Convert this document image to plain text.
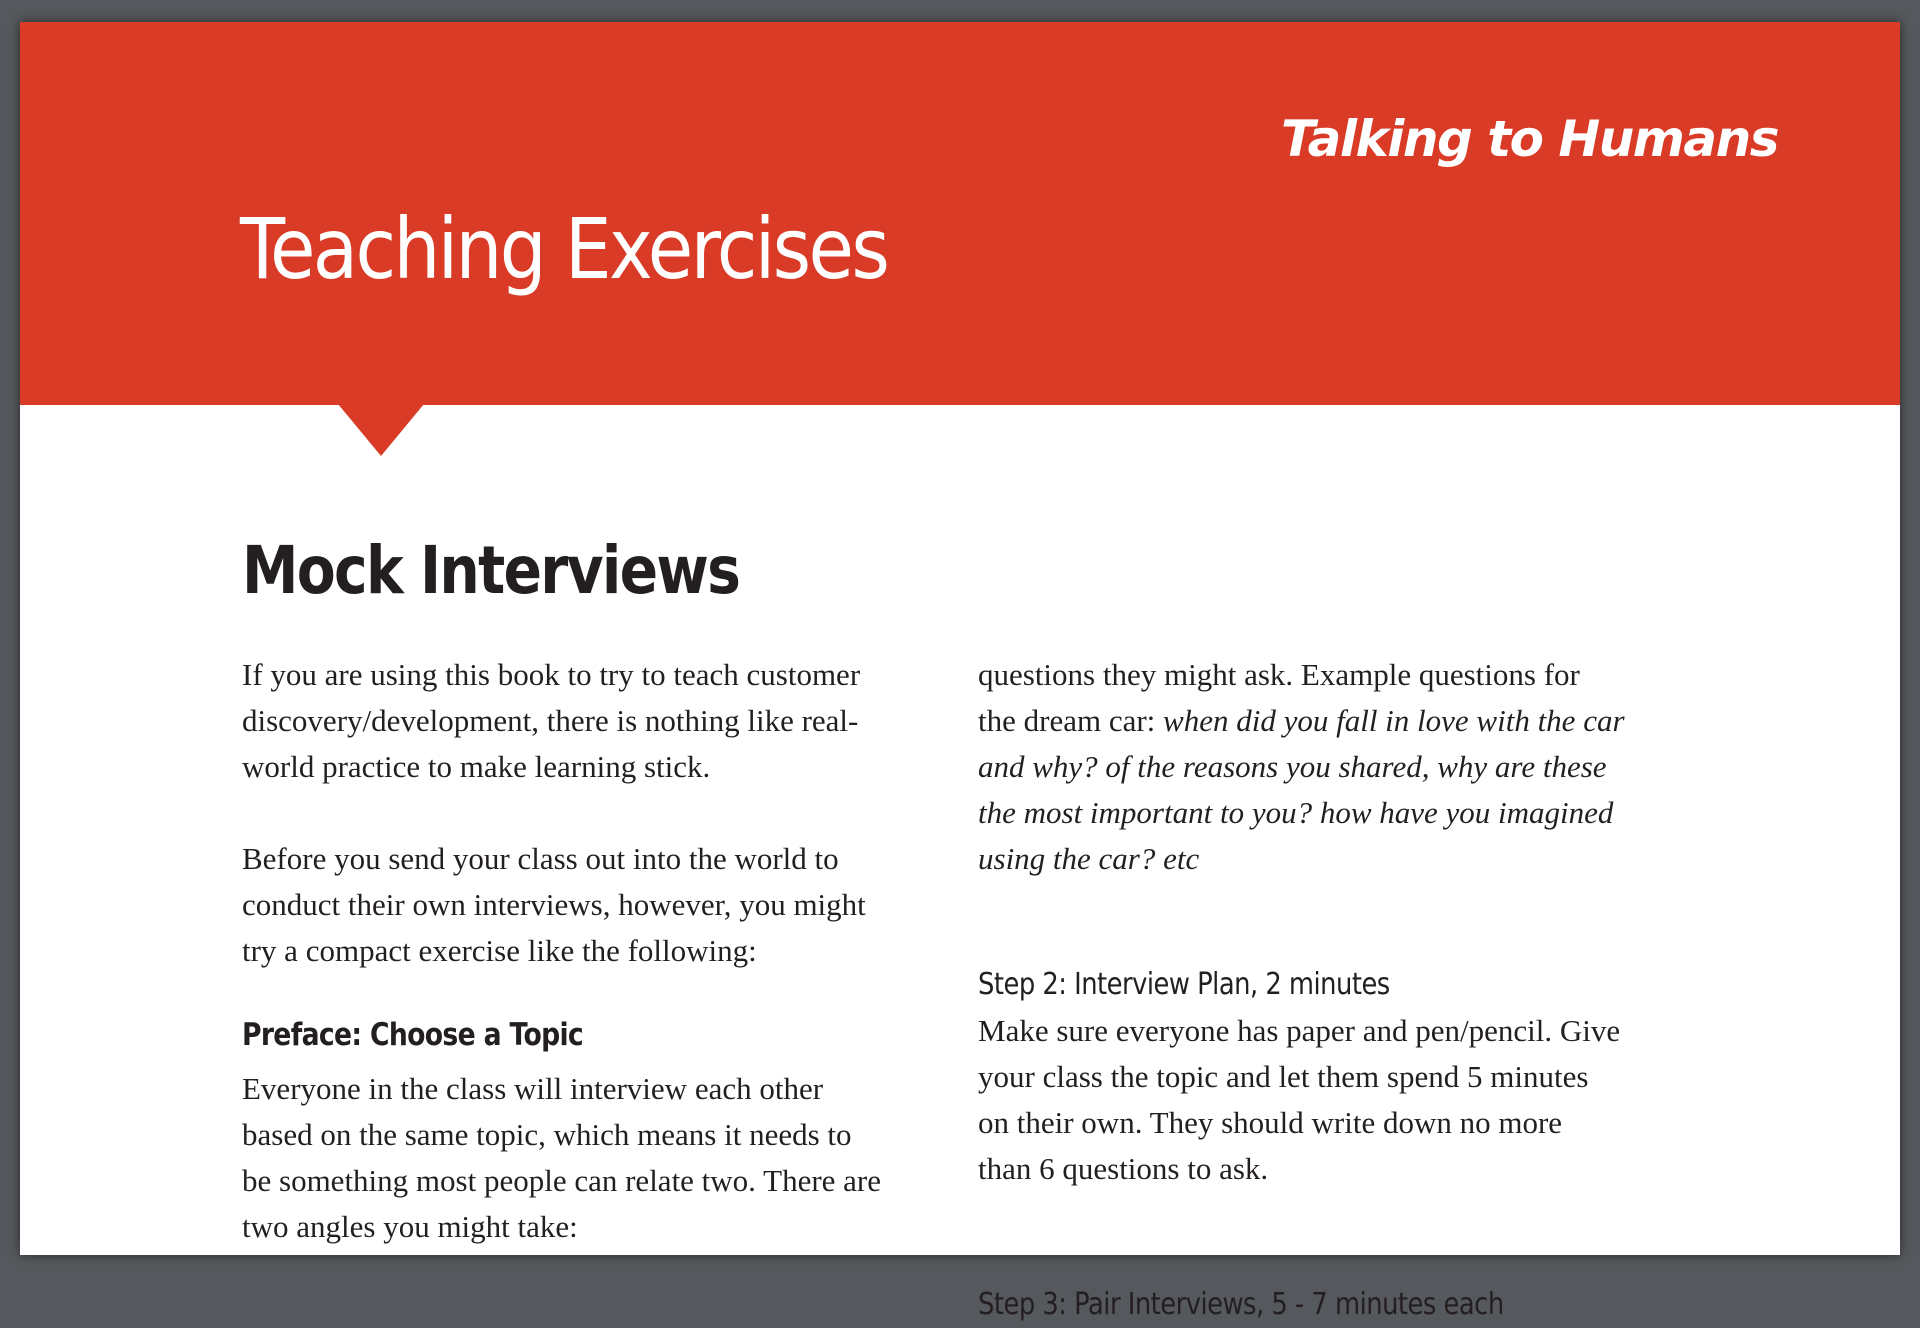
Talking to Humans
Teaching Exercises
Mock Interviews

If you are using this book to try to teach customer
discovery/development, there is nothing like real-
world practice to make learning stick.

Before you send your class out into the world to
conduct their own interviews, however, you might
try a compact exercise like the following:

Preface: Choose a Topic

Everyone in the class will interview each other
based on the same topic, which means it needs to
be something most people can relate two. There are
two angles you might take:

questions they might ask. Example questions for
the dream car: when did you fall in love with the car
and why? of the reasons you shared, why are these
the most important to you? how have you imagined
using the car? etc

Step 2: Interview Plan, 2 minutes

Make sure everyone has paper and pen/pencil. Give
your class the topic and let them spend 5 minutes
on their own. They should write down no more
than 6 questions to ask.

Step 3: Pair Interviews, 5 - 7 minutes each
